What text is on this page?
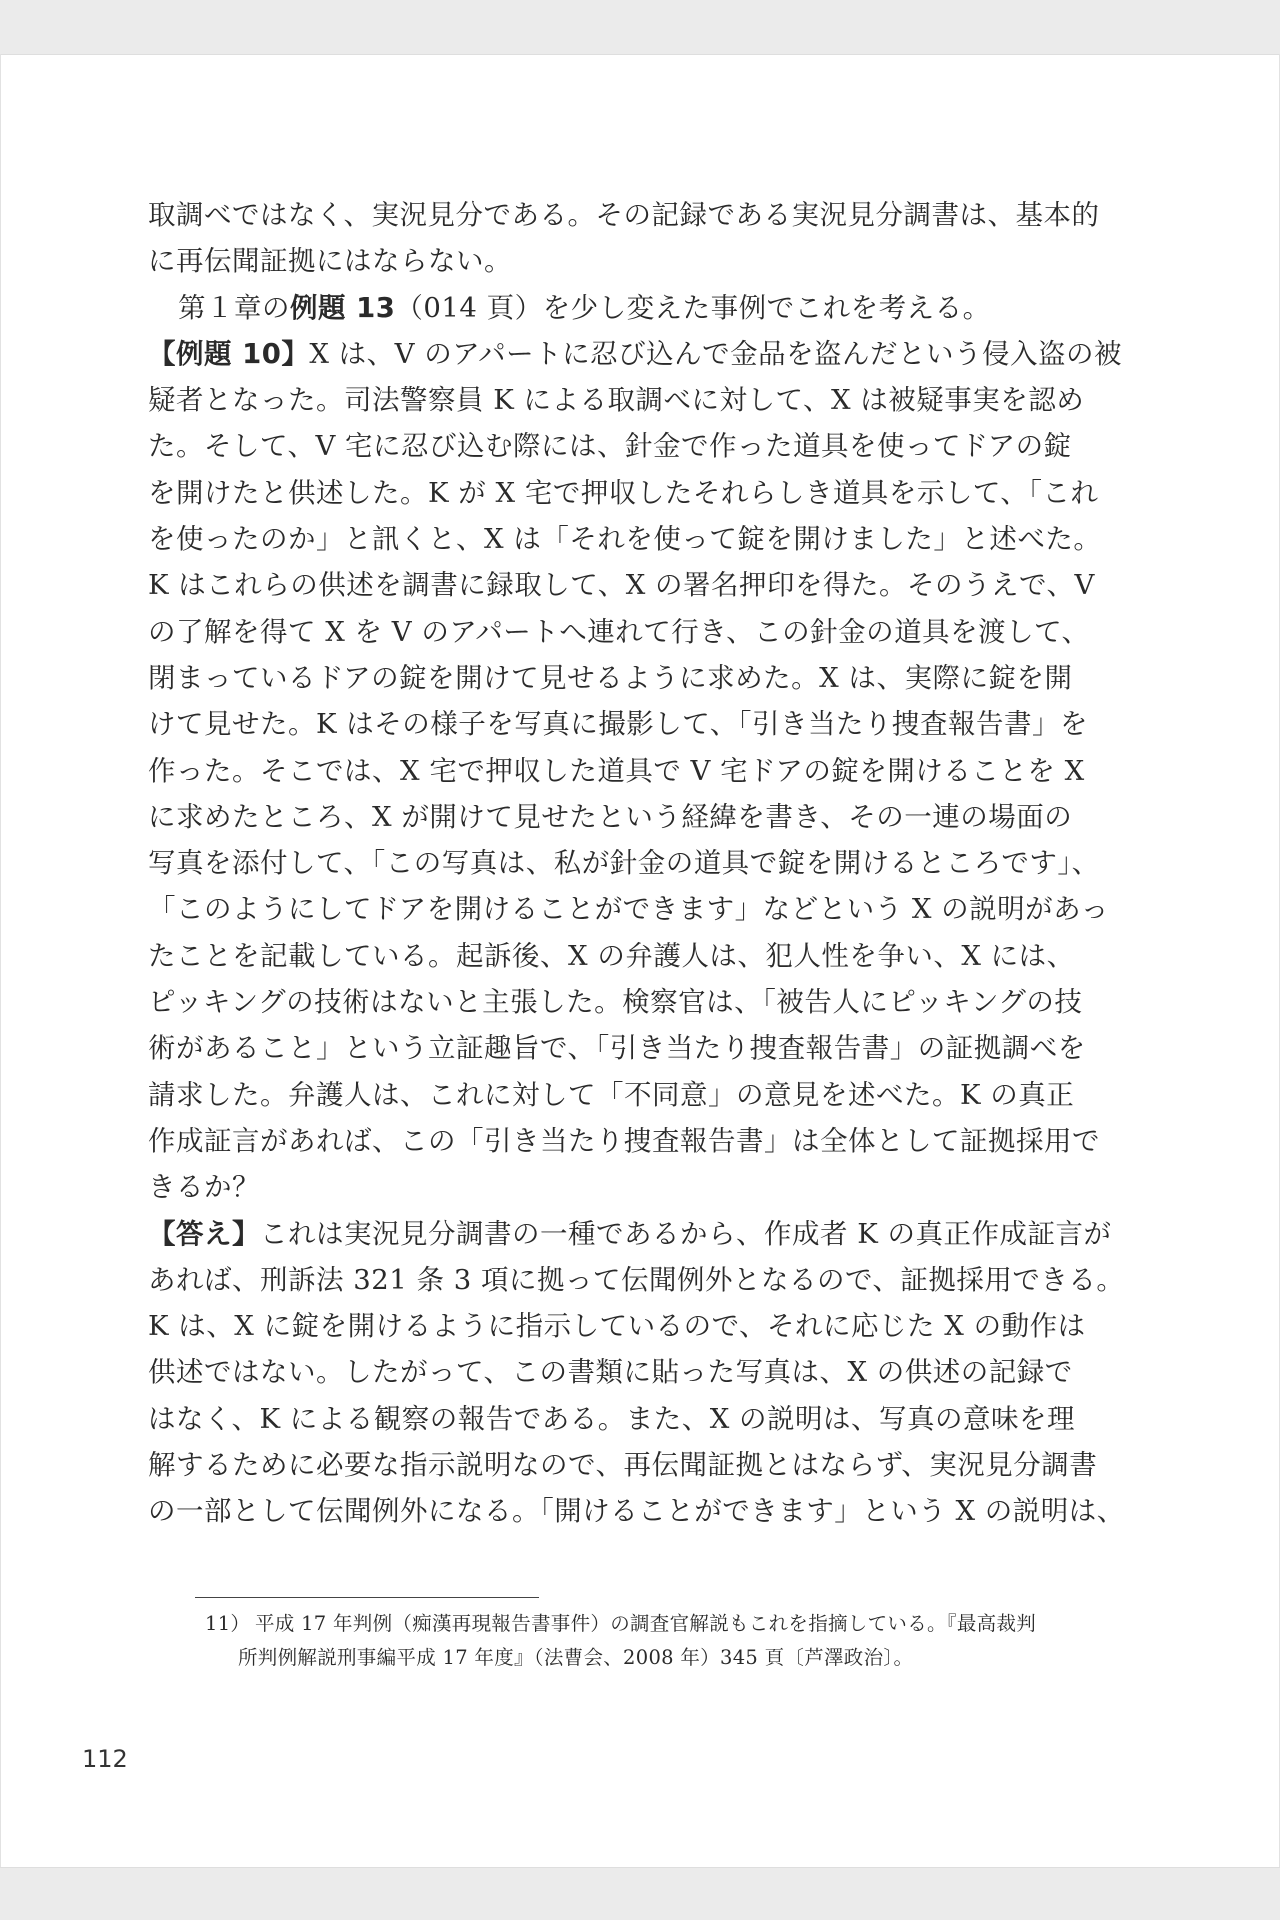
取調べではなく、実況見分である。その記録である実況見分調書は、基本的
に再伝聞証拠にはならない。
第１章の例題 13（014 頁）を少し変えた事例でこれを考える。
【例題 10】X は、V のアパートに忍び込んで金品を盗んだという侵入盗の被
疑者となった。司法警察員 K による取調べに対して、X は被疑事実を認め
た。そして、V 宅に忍び込む際には、針金で作った道具を使ってドアの錠
を開けたと供述した。K が X 宅で押収したそれらしき道具を示して、「これ
を使ったのか」と訊くと、X は「それを使って錠を開けました」と述べた。
K はこれらの供述を調書に録取して、X の署名押印を得た。そのうえで、V
の了解を得て X を V のアパートへ連れて行き、この針金の道具を渡して、
閉まっているドアの錠を開けて見せるように求めた。X は、実際に錠を開
けて見せた。K はその様子を写真に撮影して、「引き当たり捜査報告書」を
作った。そこでは、X 宅で押収した道具で V 宅ドアの錠を開けることを X
に求めたところ、X が開けて見せたという経緯を書き、その一連の場面の
写真を添付して、「この写真は、私が針金の道具で錠を開けるところです」、
「このようにしてドアを開けることができます」などという X の説明があっ
たことを記載している。起訴後、X の弁護人は、犯人性を争い、X には、
ピッキングの技術はないと主張した。検察官は、「被告人にピッキングの技
術があること」という立証趣旨で、「引き当たり捜査報告書」の証拠調べを
請求した。弁護人は、これに対して「不同意」の意見を述べた。K の真正
作成証言があれば、この「引き当たり捜査報告書」は全体として証拠採用で
きるか？
【答え】これは実況見分調書の一種であるから、作成者 K の真正作成証言が
あれば、刑訴法 321 条 3 項に拠って伝聞例外となるので、証拠採用できる。
K は、X に錠を開けるように指示しているので、それに応じた X の動作は
供述ではない。したがって、この書類に貼った写真は、X の供述の記録で
はなく、K による観察の報告である。また、X の説明は、写真の意味を理
解するために必要な指示説明なので、再伝聞証拠とはならず、実況見分調書
の一部として伝聞例外になる。「開けることができます」という X の説明は、
11） 平成 17 年判例（痴漢再現報告書事件）の調査官解説もこれを指摘している。『最高裁判
所判例解説刑事編平成 17 年度』（法曹会、2008 年）345 頁〔芦澤政治〕。
112
